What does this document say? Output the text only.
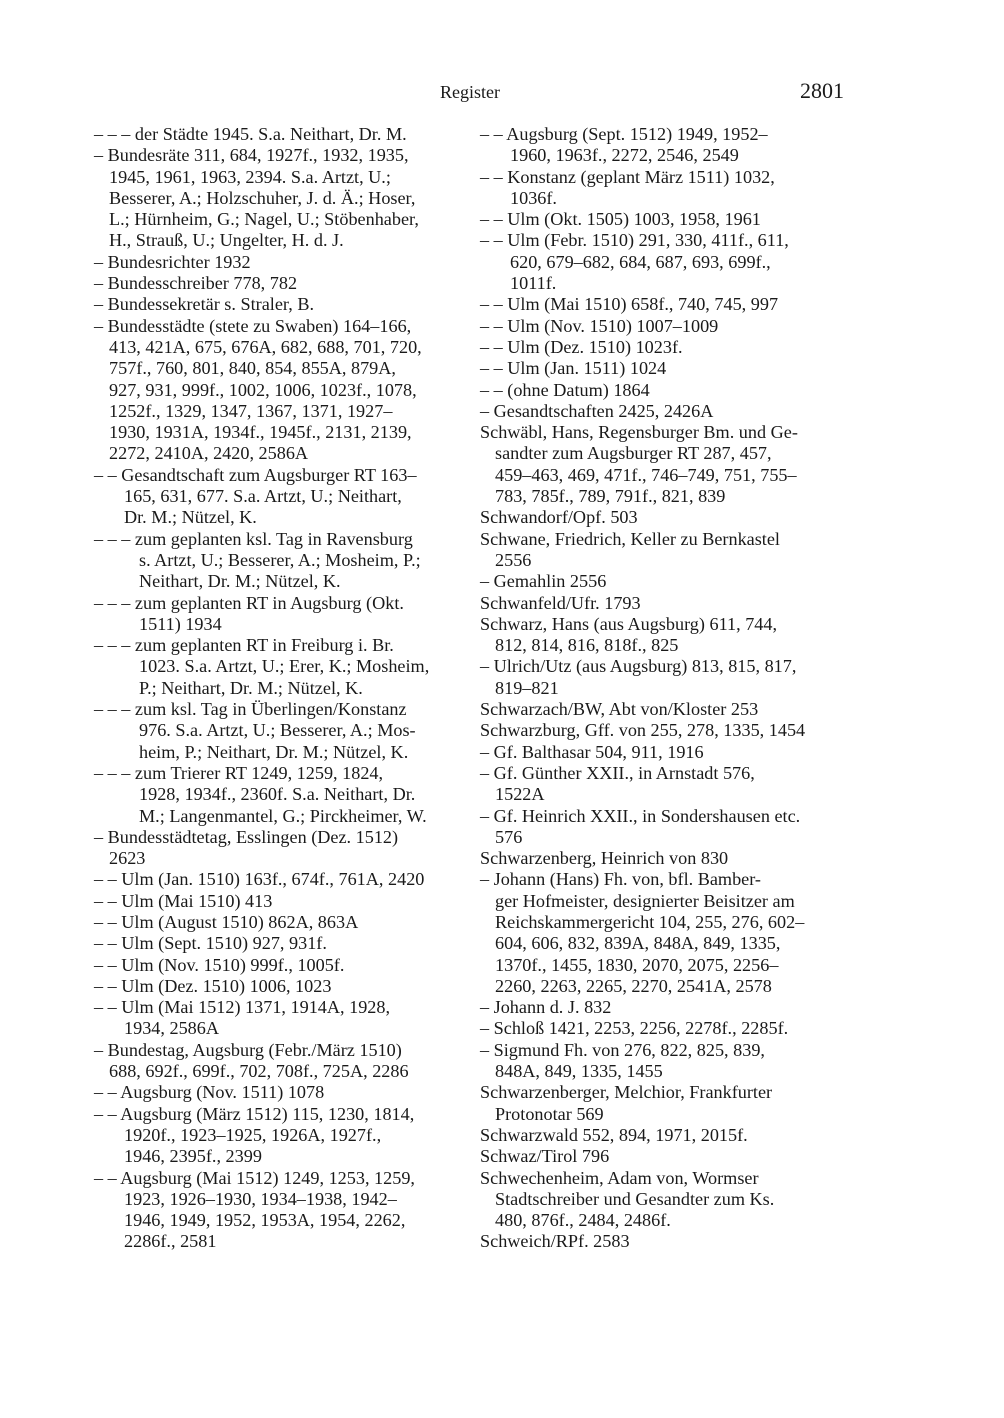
Register	2801
– – – der Städte 1945. S.a. Neithart, Dr. M.
– Bundesräte 311, 684, 1927f., 1932, 1935,
1945, 1961, 1963, 2394. S.a. Artzt, U.;
Besserer, A.; Holzschuher, J. d. Ä.; Hoser,
L.; Hürnheim, G.; Nagel, U.; Stöbenhaber,
H., Strauß, U.; Ungelter, H. d. J.
– Bundesrichter 1932
– Bundesschreiber 778, 782
– Bundessekretär s. Straler, B.
– Bundesstädte (stete zu Swaben) 164–166,
413, 421A, 675, 676A, 682, 688, 701, 720,
757f., 760, 801, 840, 854, 855A, 879A,
927, 931, 999f., 1002, 1006, 1023f., 1078,
1252f., 1329, 1347, 1367, 1371, 1927–
1930, 1931A, 1934f., 1945f., 2131, 2139,
2272, 2410A, 2420, 2586A
– – Gesandtschaft zum Augsburger RT 163–
165, 631, 677. S.a. Artzt, U.; Neithart,
Dr. M.; Nützel, K.
– – – zum geplanten ksl. Tag in Ravensburg
s. Artzt, U.; Besserer, A.; Mosheim, P.;
Neithart, Dr. M.; Nützel, K.
– – – zum geplanten RT in Augsburg (Okt.
1511) 1934
– – – zum geplanten RT in Freiburg i. Br.
1023. S.a. Artzt, U.; Erer, K.; Mosheim,
P.; Neithart, Dr. M.; Nützel, K.
– – – zum ksl. Tag in Überlingen/Konstanz
976. S.a. Artzt, U.; Besserer, A.; Mos-
heim, P.; Neithart, Dr. M.; Nützel, K.
– – – zum Trierer RT 1249, 1259, 1824,
1928, 1934f., 2360f. S.a. Neithart, Dr.
M.; Langenmantel, G.; Pirckheimer, W.
– Bundesstädtetag, Esslingen (Dez. 1512)
2623
– – Ulm (Jan. 1510) 163f., 674f., 761A, 2420
– – Ulm (Mai 1510) 413
– – Ulm (August 1510) 862A, 863A
– – Ulm (Sept. 1510) 927, 931f.
– – Ulm (Nov. 1510) 999f., 1005f.
– – Ulm (Dez. 1510) 1006, 1023
– – Ulm (Mai 1512) 1371, 1914A, 1928,
1934, 2586A
– Bundestag, Augsburg (Febr./März 1510)
688, 692f., 699f., 702, 708f., 725A, 2286
– – Augsburg (Nov. 1511) 1078
– – Augsburg (März 1512) 115, 1230, 1814,
1920f., 1923–1925, 1926A, 1927f.,
1946, 2395f., 2399
– – Augsburg (Mai 1512) 1249, 1253, 1259,
1923, 1926–1930, 1934–1938, 1942–
1946, 1949, 1952, 1953A, 1954, 2262,
2286f., 2581
– – Augsburg (Sept. 1512) 1949, 1952–
1960, 1963f., 2272, 2546, 2549
– – Konstanz (geplant März 1511) 1032,
1036f.
– – Ulm (Okt. 1505) 1003, 1958, 1961
– – Ulm (Febr. 1510) 291, 330, 411f., 611,
620, 679–682, 684, 687, 693, 699f.,
1011f.
– – Ulm (Mai 1510) 658f., 740, 745, 997
– – Ulm (Nov. 1510) 1007–1009
– – Ulm (Dez. 1510) 1023f.
– – Ulm (Jan. 1511) 1024
– – (ohne Datum) 1864
– Gesandtschaften 2425, 2426A
Schwäbl, Hans, Regensburger Bm. und Ge-
sandter zum Augsburger RT 287, 457,
459–463, 469, 471f., 746–749, 751, 755–
783, 785f., 789, 791f., 821, 839
Schwandorf/Opf. 503
Schwane, Friedrich, Keller zu Bernkastel
2556
– Gemahlin 2556
Schwanfeld/Ufr. 1793
Schwarz, Hans (aus Augsburg) 611, 744,
812, 814, 816, 818f., 825
– Ulrich/Utz (aus Augsburg) 813, 815, 817,
819–821
Schwarzach/BW, Abt von/Kloster 253
Schwarzburg, Gff. von 255, 278, 1335, 1454
– Gf. Balthasar 504, 911, 1916
– Gf. Günther XXII., in Arnstadt 576,
1522A
– Gf. Heinrich XXII., in Sondershausen etc.
576
Schwarzenberg, Heinrich von 830
– Johann (Hans) Fh. von, bfl. Bamber-
ger Hofmeister, designierter Beisitzer am
Reichskammergericht 104, 255, 276, 602–
604, 606, 832, 839A, 848A, 849, 1335,
1370f., 1455, 1830, 2070, 2075, 2256–
2260, 2263, 2265, 2270, 2541A, 2578
– Johann d. J. 832
– Schloß 1421, 2253, 2256, 2278f., 2285f.
– Sigmund Fh. von 276, 822, 825, 839,
848A, 849, 1335, 1455
Schwarzenberger, Melchior, Frankfurter
Protonotar 569
Schwarzwald 552, 894, 1971, 2015f.
Schwaz/Tirol 796
Schwechenheim, Adam von, Wormser
Stadtschreiber und Gesandter zum Ks.
480, 876f., 2484, 2486f.
Schweich/RPf. 2583
